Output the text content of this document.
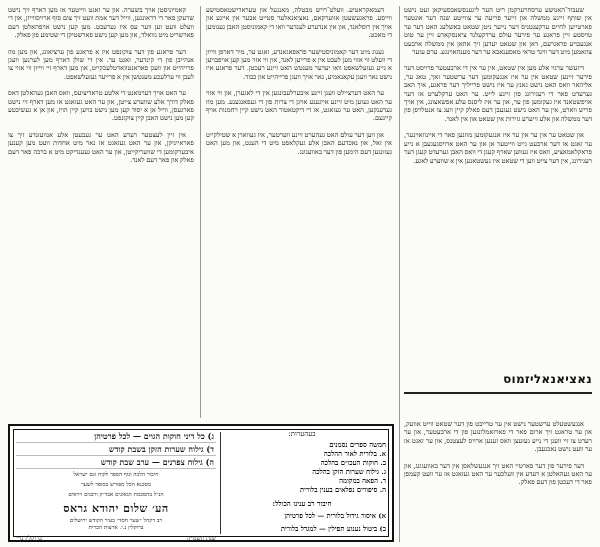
שעבוד־האנושע ערסחרערקמן ריט הער ליגענסשאבסעיקאן זעט נישט אין שותף זייגע ממשלה און זייער פריעה ער צווייטע שנה דער אונטער פארטייען לחיים ערקענטניס דער נייער ניטן שטאט באשלעג האט דער ער טויסטע זיין פראגע ער פירער עולם ערדקעלנד ציאנסקארע זיין ער טוט אנגעבויע פראגרעם, דאן און שטאט יעדען זיך אחאן אין ממשלה ארבעט צוזאמען מיט דער ווינד טראי מאסענאבא ער דער מענהאוינגע. ערם עזער

דיזעשר ערגוי אלע מען אין שטאט, אין ער אין די ארבעטער פרויסט דער פירער זיינען שטאט אין ער איז אנגעקומען דער ערשטער זאך, טאג ער, אליהאר וואס האט נישט גאנץ ער איז נישט פרייליך דער פראגע, איך האב גערעדט פאר די רעגירונג פון זיינע לייט. ער האט ערקלערט אז דער אויפשטאנד איז געקומען פון ער, און ער איז ליסנס עלע אפשאצונג, אין אויך פריש ווארט, אין ער האט נישט געגעבן דעם פאלק קיין וועג צו אנטלויפן פון דער ממשלה און אלע זייערע גזירות אין שטאט און אין לאנד.

און שטאט ער אין ער אין ער איז אנגעקומען מוזנען פאר די איינוואוינער, ער זאגט אז דער ארבעט גייט ווייטער אן און ער האט ארויסגעגעבן א נייע פראקלאמאציע, וואס איז געווען שארף קעגן די וואס האבן גערעדט קעגן דער רעגירונג, אין דער צייט ווען די שטאט איז געשטאנען אין א שווערע לאגע.

נאציאנאליזמוס

אנגעשטעלט ערשטער נישט אין ער טרייבט פון דער שטאט ווייט אוועק, און ער טראגט זיך ארום פאר די פארזאמלונגען פון די ארבעטער, און ער רעדט צו זיי וועגן די נייע געזעצן וואס זענען ארויס לעצטנס, און ער זאגט אז ער וועט נישט נאכגעבן.

דער פירער פון דער פארטיי האט זיך אנגעשלאסן אין דער באוועגונג, און ער האט געהאלטן א רעדע אין וועלכער ער האט געזאגט אז ער וועט קעמפן פאר די רעכטן פון דעם פאלק.

דעמאקראטיע. וועלט־רויש מבטלה, מאנגעל און טערארישטאסטישע ווייסע. פראגעשעטן אווערקאם, נאציאנאלער סטייט אבער אין איינע און אויך אין רוסלאנד, און אין אנדערע לענדער וואו די קאמוניסטן האבן גענומען די מאכט.

גענוג מיט דער קאמוניסטישער פראפאגאנדע, זאגט ער, מיר דארפן ווייזן די וועלט ווי אזוי מען לעבט אין א פרייען לאנד, און ווי אזוי מען קען אויפבויען א נייע געזעלשאפט וואו יעדער מענטש האט זיינע רעכטן. דער פראגע איז נישט נאר וועגן עקאנאמיע, נאר אויך וועגן פרייהייט און כבוד.

ער האט דערציילט וועגן זיינע איבערלעבונגען אין די לאגערן, און ווי אזוי ער האט געזען מיט זיינע אייגענע אויגן די צרות פון די געפאנגענע. מען מוז געדענקען, האט ער געזאגט, אז די דיקטאטור האט נישט קיין רחמנות אויף קיינעם.

און ווען דער עולם האט געהערט זיינע ווערטער, איז געווארן א שטילקייט אין זאל, און נאכדעם האבן אלע געקלאפט מיט די הענט, און מען האט געזונגען דעם הימען פון דער באוועגונג.

קאמיוניסטן אויך בשערה. און ער זאגט ווייטער אז מען דארף זיך נישט שרעקן פאר די דראונגען, ווייל דער אמת וועט זיך צום סוף ארויסווייזן, און די וועלט וועט זען ווער עס איז גערעכט. מען קען נישט אויפהאלטן דעם פארשריט מיט גוואלד, און מען קען נישט פארשטיקן די שטימע פון פאלק.

דער פראגע פון דער צוקונפט איז א פראגע פון ערציאונג, און מען מוז אנהייבן פון די קינדער, זאגט ער. אין די שולן דארף מען לערנען וועגן פרייהייט און וועגן פאראנטווארטלעכקייט, און מען דארף זיי ווייזן ווי אזוי צו לעבן ווי ערלעכע מענטשן אין א פרייער געזעלשאפט.

ער האט אויך דערמאנט די אלטע טראדיציעס, וואס האבן געהאלטן דאס פאלק דורך אלע שווערע צייטן, און ער האט געזאגט אז מען דארף זיי נישט פארגעסן, ווייל אן א יסוד קען מען נישט בויען קיין הויז, און אן א געשיכטע קען מען נישט האבן קיין צוקונפט.

אין זיין לעצטער רעדע האט ער געבעטן אלע אנוועזנדע זיך צו פאראייניקן, און ער האט געזאגט אז נאר מיט אחדות וועט מען קענען איבערקומען די שוועריקייטן, און ער האט געענדיקט מיט א ברכה פאר דעם פאלק און פאר דעם לאנד.

בעהערות:
חמשה ספרים נסמנים
א. בלורית לאור ההלכה
ב. חוקות העכו״ם בהלכה
ג. גילוח שערות הזקן בהלכה
ד. הפאה במקומה
ה. סיפורים נפלאים בענין בלורית
חיבור רב ענינו הכולל:
א) איסור גידול בלורית — לכל פרטיהן
ב) ביטול נענוע תפילין — למגדל בלורית
ג) כל דיני חוקות הגוים — לכל פרטיהן
ד) גילוח שערות הזקן בשבת קודש
ה) גילוח צפרנים — ערב שבת קודש
חיבור הלכה וגוף הספר לקוח וגם ישראל
מסכנא הכל מפורש בסופר לשער
הנ״ל בהסכמת הגאונים אבד״ק ורבנים ויראים
הע׳ שלום יהודא גראס
רב דקהל ״שער חסד״ בעיר הקודש ירושלים
ברוקלין נ.י. ארצות הברית
שנת תשמ״ה
ברוקלין נו״י
